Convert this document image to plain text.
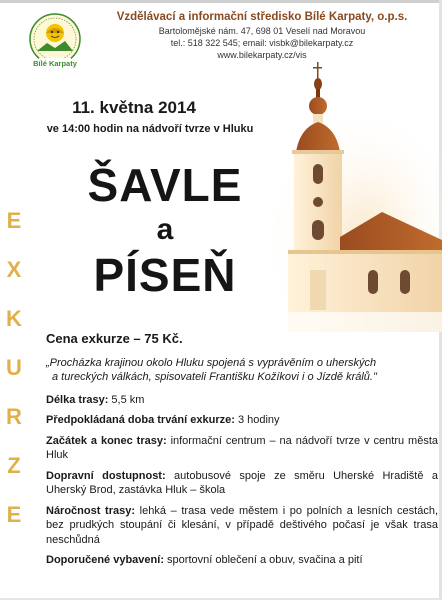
Bílé Karpaty
Vzdělávací a informační středisko Bílé Karpaty, o.p.s.
Bartolomějské nám. 47, 698 01 Veselí nad Moravou
tel.: 518 322 545; email: visbk@bilekarpaty.cz
www.bilekarpaty.cz/vis
11. května 2014
ve 14:00 hodin na nádvoří tvrze v Hluku
ŠAVLE
a
PÍSEŇ
E
X
K
U
R
Z
E
Cena exkurze – 75 Kč.
„Procházka krajinou okolo Hluku spojená s vyprávěním o uherských
a tureckých válkách, spisovateli Františku Kožíkovi i o Jízdě králů."
Délka trasy: 5,5 km
Předpokládaná doba trvání exkurze: 3 hodiny
Začátek a konec trasy: informační centrum – na nádvoří tvrze v centru města Hluk
Dopravní dostupnost: autobusové spoje ze směru Uherské Hradiště a Uherský Brod, zastávka Hluk – škola
Náročnost trasy: lehká – trasa vede městem i po polních a lesních cestách, bez prudkých stoupání či klesání, v případě deštivého počasí je však trasa neschůdná
Doporučené vybavení: sportovní oblečení a obuv, svačina a pití
